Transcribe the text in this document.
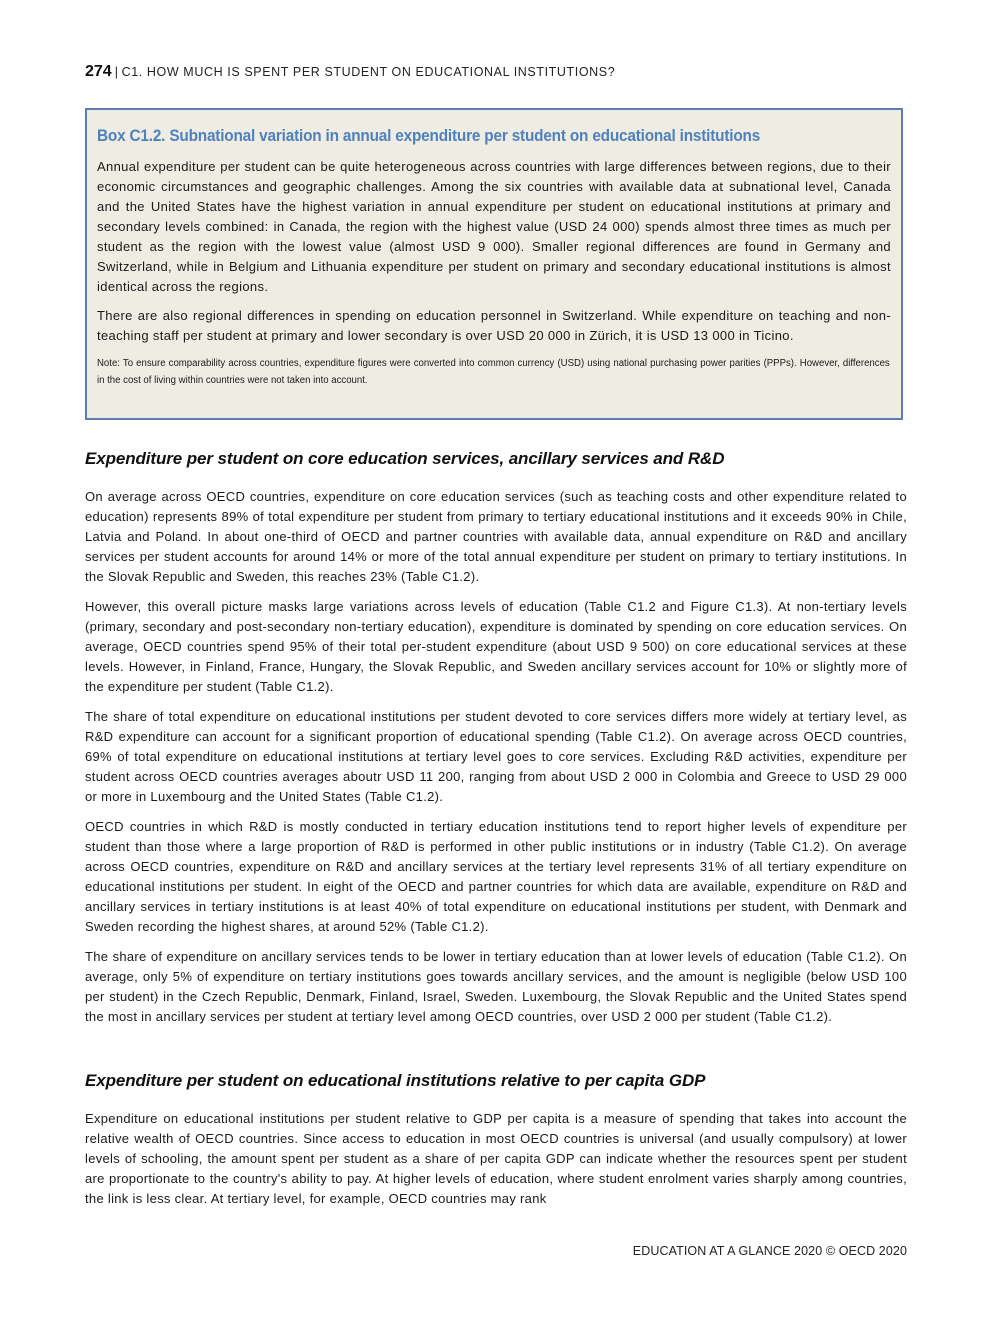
274 | C1. HOW MUCH IS SPENT PER STUDENT ON EDUCATIONAL INSTITUTIONS?
Box C1.2. Subnational variation in annual expenditure per student on educational institutions

Annual expenditure per student can be quite heterogeneous across countries with large differences between regions, due to their economic circumstances and geographic challenges. Among the six countries with available data at subnational level, Canada and the United States have the highest variation in annual expenditure per student on educational institutions at primary and secondary levels combined: in Canada, the region with the highest value (USD 24 000) spends almost three times as much per student as the region with the lowest value (almost USD 9 000). Smaller regional differences are found in Germany and Switzerland, while in Belgium and Lithuania expenditure per student on primary and secondary educational institutions is almost identical across the regions.

There are also regional differences in spending on education personnel in Switzerland. While expenditure on teaching and non-teaching staff per student at primary and lower secondary is over USD 20 000 in Zürich, it is USD 13 000 in Ticino.

Note: To ensure comparability across countries, expenditure figures were converted into common currency (USD) using national purchasing power parities (PPPs). However, differences in the cost of living within countries were not taken into account.

Expenditure per student on core education services, ancillary services and R&D

On average across OECD countries, expenditure on core education services (such as teaching costs and other expenditure related to education) represents 89% of total expenditure per student from primary to tertiary educational institutions and it exceeds 90% in Chile, Latvia and Poland. In about one-third of OECD and partner countries with available data, annual expenditure on R&D and ancillary services per student accounts for around 14% or more of the total annual expenditure per student on primary to tertiary institutions. In the Slovak Republic and Sweden, this reaches 23% (Table C1.2).

However, this overall picture masks large variations across levels of education (Table C1.2 and Figure C1.3). At non-tertiary levels (primary, secondary and post-secondary non-tertiary education), expenditure is dominated by spending on core education services. On average, OECD countries spend 95% of their total per-student expenditure (about USD 9 500) on core educational services at these levels. However, in Finland, France, Hungary, the Slovak Republic, and Sweden ancillary services account for 10% or slightly more of the expenditure per student (Table C1.2).

The share of total expenditure on educational institutions per student devoted to core services differs more widely at tertiary level, as R&D expenditure can account for a significant proportion of educational spending (Table C1.2). On average across OECD countries, 69% of total expenditure on educational institutions at tertiary level goes to core services. Excluding R&D activities, expenditure per student across OECD countries averages aboutr USD 11 200, ranging from about USD 2 000 in Colombia and Greece to USD 29 000 or more in Luxembourg and the United States (Table C1.2).

OECD countries in which R&D is mostly conducted in tertiary education institutions tend to report higher levels of expenditure per student than those where a large proportion of R&D is performed in other public institutions or in industry (Table C1.2). On average across OECD countries, expenditure on R&D and ancillary services at the tertiary level represents 31% of all tertiary expenditure on educational institutions per student. In eight of the OECD and partner countries for which data are available, expenditure on R&D and ancillary services in tertiary institutions is at least 40% of total expenditure on educational institutions per student, with Denmark and Sweden recording the highest shares, at around 52% (Table C1.2).

The share of expenditure on ancillary services tends to be lower in tertiary education than at lower levels of education (Table C1.2). On average, only 5% of expenditure on tertiary institutions goes towards ancillary services, and the amount is negligible (below USD 100 per student) in the Czech Republic, Denmark, Finland, Israel, Sweden. Luxembourg, the Slovak Republic and the United States spend the most in ancillary services per student at tertiary level among OECD countries, over USD 2 000 per student (Table C1.2).

Expenditure per student on educational institutions relative to per capita GDP

Expenditure on educational institutions per student relative to GDP per capita is a measure of spending that takes into account the relative wealth of OECD countries. Since access to education in most OECD countries is universal (and usually compulsory) at lower levels of schooling, the amount spent per student as a share of per capita GDP can indicate whether the resources spent per student are proportionate to the country's ability to pay. At higher levels of education, where student enrolment varies sharply among countries, the link is less clear. At tertiary level, for example, OECD countries may rank

EDUCATION AT A GLANCE 2020 © OECD 2020
